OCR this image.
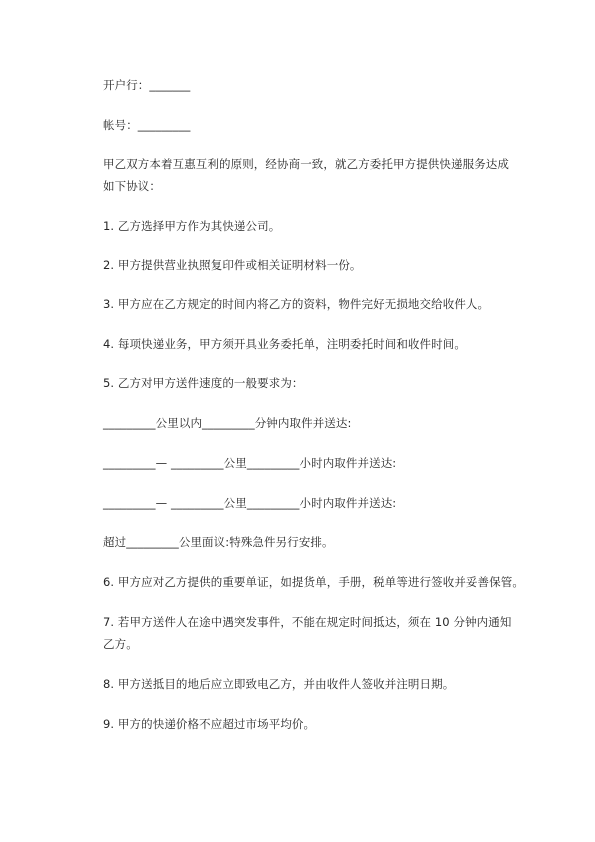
开户行：_______
帐号：_________
甲乙双方本着互惠互利的原则，经协商一致，就乙方委托甲方提供快递服务达成
如下协议：
1. 乙方选择甲方作为其快递公司。
2. 甲方提供营业执照复印件或相关证明材料一份。
3. 甲方应在乙方规定的时间内将乙方的资料，物件完好无损地交给收件人。
4. 每项快递业务，甲方须开具业务委托单，注明委托时间和收件时间。
5. 乙方对甲方送件速度的一般要求为：
_________公里以内_________分钟内取件并送达:
_________— _________公里_________小时内取件并送达:
_________— _________公里_________小时内取件并送达:
超过_________公里面议:特殊急件另行安排。
6. 甲方应对乙方提供的重要单证，如提货单，手册，税单等进行签收并妥善保管。
7. 若甲方送件人在途中遇突发事件，不能在规定时间抵达，须在 10 分钟内通知
乙方。
8. 甲方送抵目的地后应立即致电乙方，并由收件人签收并注明日期。
9. 甲方的快递价格不应超过市场平均价。
